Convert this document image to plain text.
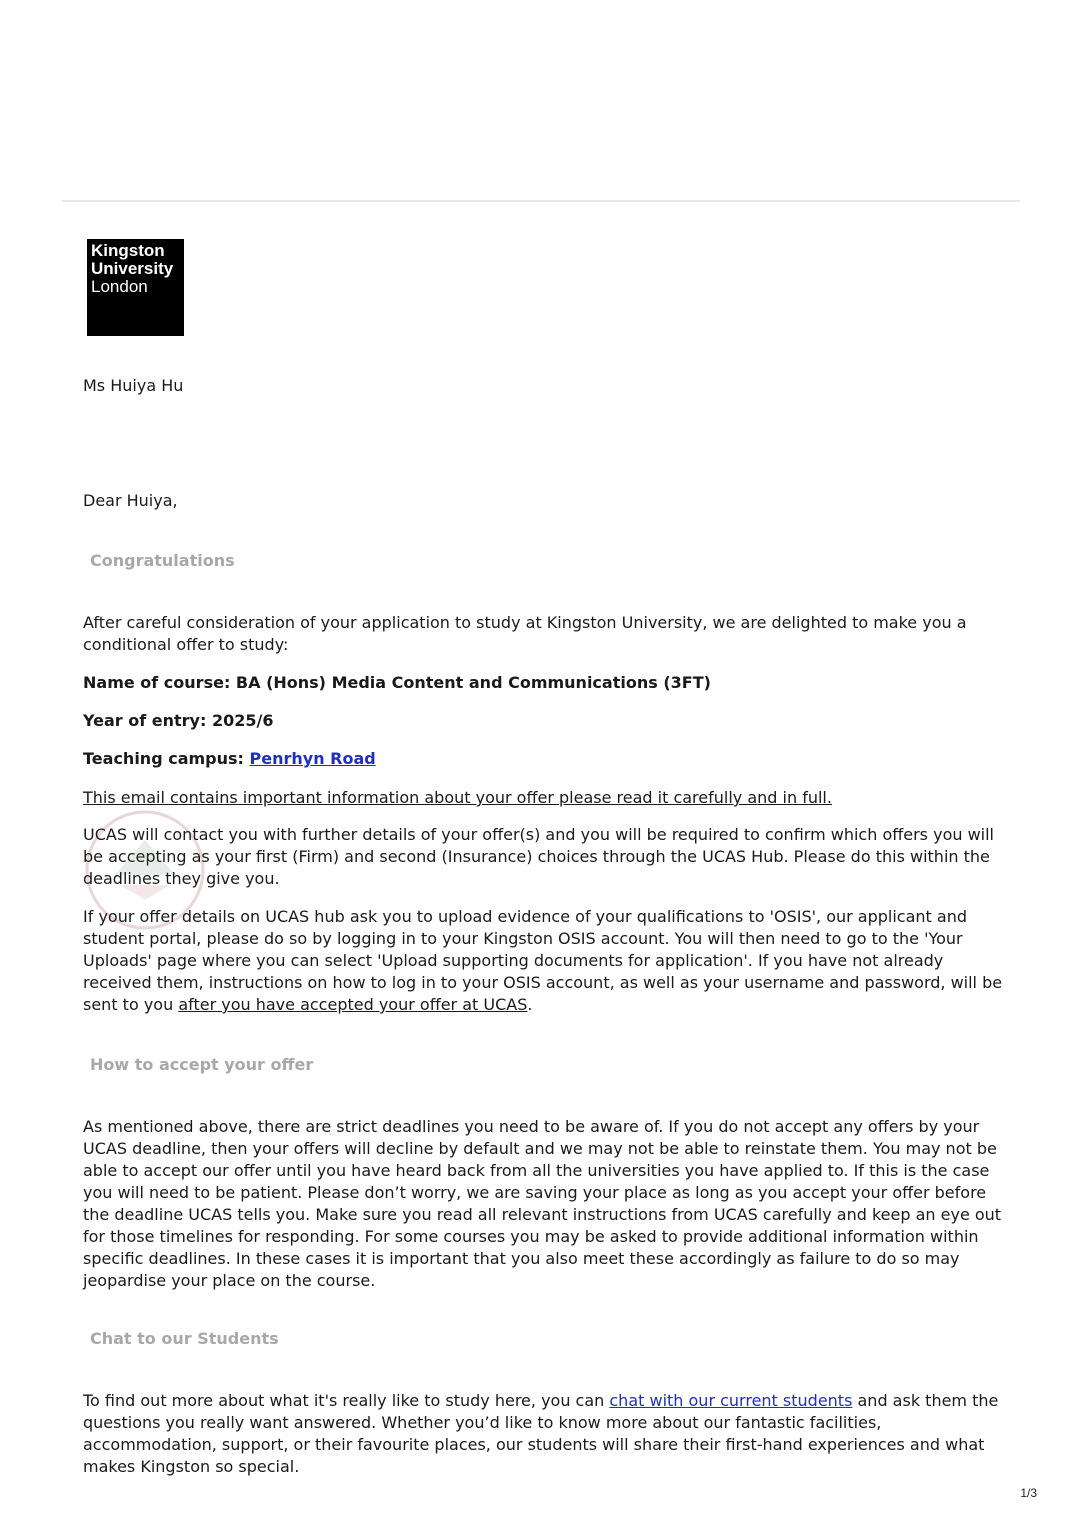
Kingston
University
London

Ms Huiya Hu

Dear Huiya,

Congratulations

After careful consideration of your application to study at Kingston University, we are delighted to make you a conditional offer to study:

Name of course: BA (Hons) Media Content and Communications (3FT)

Year of entry: 2025/6

Teaching campus: Penrhyn Road

This email contains important information about your offer please read it carefully and in full.

UCAS will contact you with further details of your offer(s) and you will be required to confirm which offers you will be accepting as your first (Firm) and second (Insurance) choices through the UCAS Hub. Please do this within the deadlines they give you.

If your offer details on UCAS hub ask you to upload evidence of your qualifications to 'OSIS', our applicant and student portal, please do so by logging in to your Kingston OSIS account. You will then need to go to the 'Your Uploads' page where you can select 'Upload supporting documents for application'. If you have not already received them, instructions on how to log in to your OSIS account, as well as your username and password, will be sent to you after you have accepted your offer at UCAS.

How to accept your offer

As mentioned above, there are strict deadlines you need to be aware of. If you do not accept any offers by your UCAS deadline, then your offers will decline by default and we may not be able to reinstate them. You may not be able to accept our offer until you have heard back from all the universities you have applied to. If this is the case you will need to be patient. Please don’t worry, we are saving your place as long as you accept your offer before the deadline UCAS tells you. Make sure you read all relevant instructions from UCAS carefully and keep an eye out for those timelines for responding. For some courses you may be asked to provide additional information within specific deadlines. In these cases it is important that you also meet these accordingly as failure to do so may jeopardise your place on the course.

Chat to our Students

To find out more about what it's really like to study here, you can chat with our current students and ask them the questions you really want answered. Whether you’d like to know more about our fantastic facilities, accommodation, support, or their favourite places, our students will share their first-hand experiences and what makes Kingston so special.

1/3
